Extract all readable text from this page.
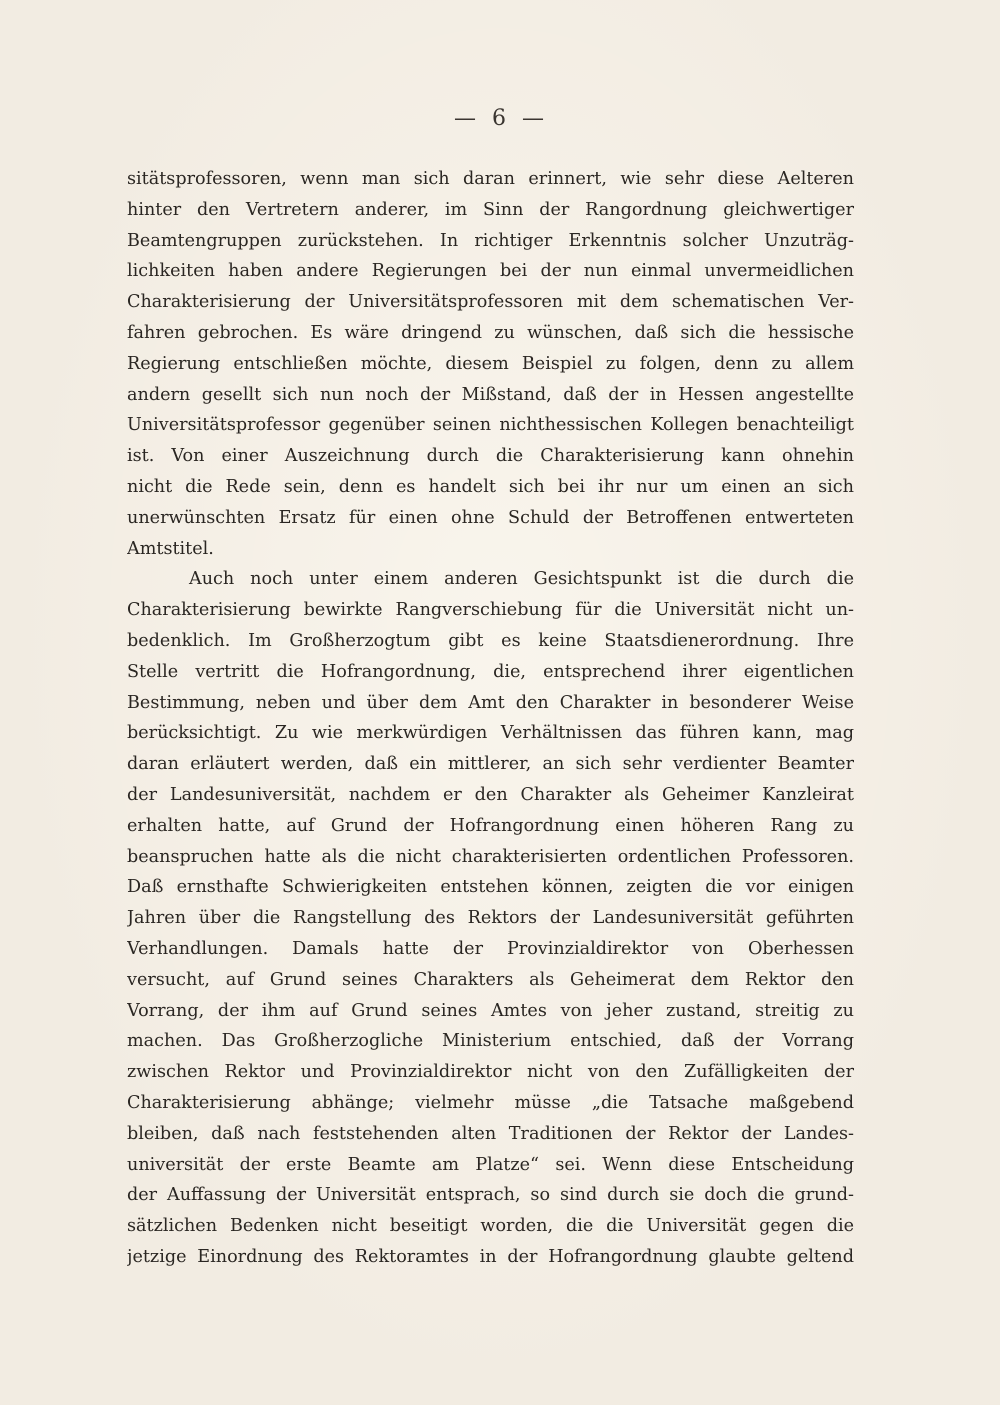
— 6 —
sitätsprofessoren, wenn man sich daran erinnert, wie sehr diese Aelteren
hinter den Vertretern anderer, im Sinn der Rangordnung gleichwertiger
Beamtengruppen zurückstehen. In richtiger Erkenntnis solcher Unzuträg-
lichkeiten haben andere Regierungen bei der nun einmal unvermeidlichen
Charakterisierung der Universitätsprofessoren mit dem schematischen Ver-
fahren gebrochen. Es wäre dringend zu wünschen, daß sich die hessische
Regierung entschließen möchte, diesem Beispiel zu folgen, denn zu allem
andern gesellt sich nun noch der Mißstand, daß der in Hessen angestellte
Universitätsprofessor gegenüber seinen nichthessischen Kollegen benachteiligt
ist. Von einer Auszeichnung durch die Charakterisierung kann ohnehin
nicht die Rede sein, denn es handelt sich bei ihr nur um einen an sich
unerwünschten Ersatz für einen ohne Schuld der Betroffenen entwerteten
Amtstitel.
Auch noch unter einem anderen Gesichtspunkt ist die durch die
Charakterisierung bewirkte Rangverschiebung für die Universität nicht un-
bedenklich. Im Großherzogtum gibt es keine Staatsdienerordnung. Ihre
Stelle vertritt die Hofrangordnung, die, entsprechend ihrer eigentlichen
Bestimmung, neben und über dem Amt den Charakter in besonderer Weise
berücksichtigt. Zu wie merkwürdigen Verhältnissen das führen kann, mag
daran erläutert werden, daß ein mittlerer, an sich sehr verdienter Beamter
der Landesuniversität, nachdem er den Charakter als Geheimer Kanzleirat
erhalten hatte, auf Grund der Hofrangordnung einen höheren Rang zu
beanspruchen hatte als die nicht charakterisierten ordentlichen Professoren.
Daß ernsthafte Schwierigkeiten entstehen können, zeigten die vor einigen
Jahren über die Rangstellung des Rektors der Landesuniversität geführten
Verhandlungen. Damals hatte der Provinzialdirektor von Oberhessen
versucht, auf Grund seines Charakters als Geheimerat dem Rektor den
Vorrang, der ihm auf Grund seines Amtes von jeher zustand, streitig zu
machen. Das Großherzogliche Ministerium entschied, daß der Vorrang
zwischen Rektor und Provinzialdirektor nicht von den Zufälligkeiten der
Charakterisierung abhänge; vielmehr müsse „die Tatsache maßgebend
bleiben, daß nach feststehenden alten Traditionen der Rektor der Landes-
universität der erste Beamte am Platze“ sei. Wenn diese Entscheidung
der Auffassung der Universität entsprach, so sind durch sie doch die grund-
sätzlichen Bedenken nicht beseitigt worden, die die Universität gegen die
jetzige Einordnung des Rektoramtes in der Hofrangordnung glaubte geltend
